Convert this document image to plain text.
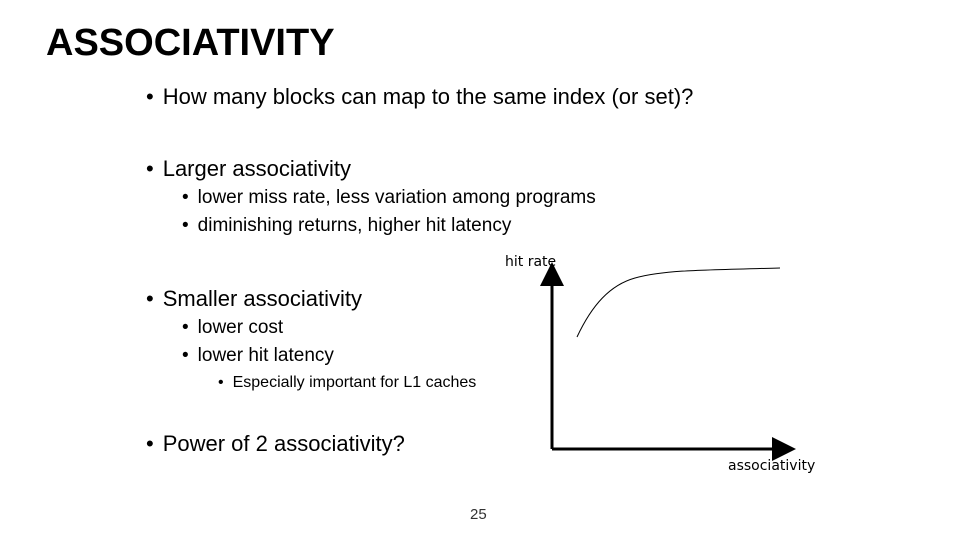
ASSOCIATIVITY
• How many blocks can map to the same index (or set)?
• Larger associativity
• lower miss rate, less variation among programs
• diminishing returns, higher hit latency
• Smaller associativity
• lower cost
• lower hit latency
• Especially important for L1 caches
• Power of 2 associativity?
hit rate
associativity
25
